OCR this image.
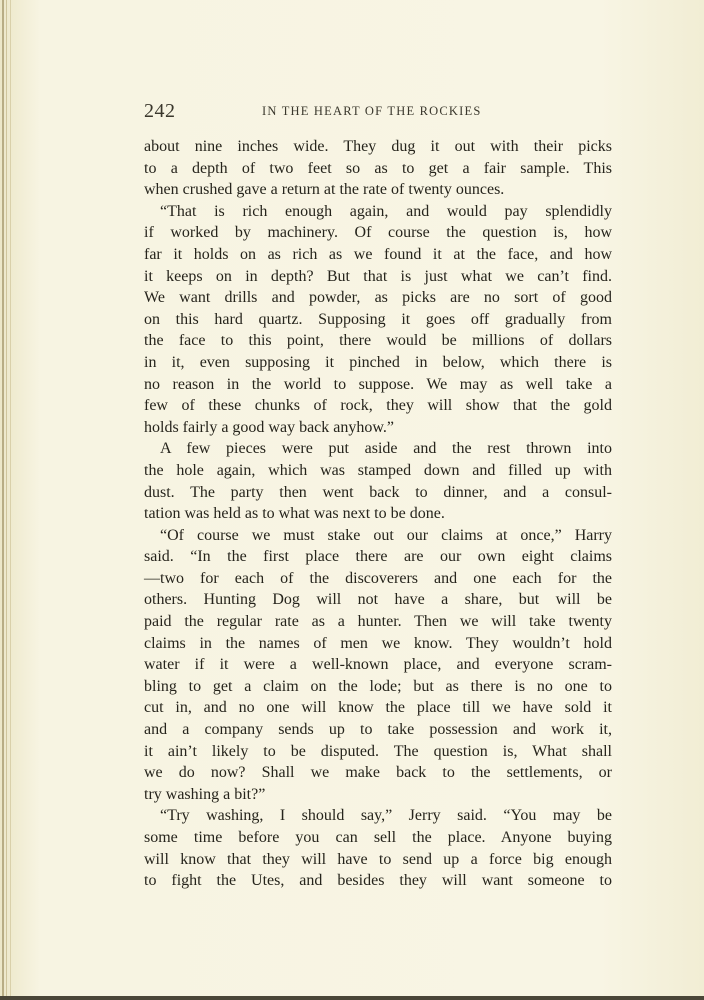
242	IN THE HEART OF THE ROCKIES
about nine inches wide. They dug it out with their picks
to a depth of two feet so as to get a fair sample. This
when crushed gave a return at the rate of twenty ounces.
“That is rich enough again, and would pay splendidly
if worked by machinery. Of course the question is, how
far it holds on as rich as we found it at the face, and how
it keeps on in depth? But that is just what we can’t find.
We want drills and powder, as picks are no sort of good
on this hard quartz. Supposing it goes off gradually from
the face to this point, there would be millions of dollars
in it, even supposing it pinched in below, which there is
no reason in the world to suppose. We may as well take a
few of these chunks of rock, they will show that the gold
holds fairly a good way back anyhow.”
A few pieces were put aside and the rest thrown into
the hole again, which was stamped down and filled up with
dust. The party then went back to dinner, and a consul-
tation was held as to what was next to be done.
“Of course we must stake out our claims at once,” Harry
said. “In the first place there are our own eight claims
—two for each of the discoverers and one each for the
others. Hunting Dog will not have a share, but will be
paid the regular rate as a hunter. Then we will take twenty
claims in the names of men we know. They wouldn’t hold
water if it were a well-known place, and everyone scram-
bling to get a claim on the lode; but as there is no one to
cut in, and no one will know the place till we have sold it
and a company sends up to take possession and work it,
it ain’t likely to be disputed. The question is, What shall
we do now? Shall we make back to the settlements, or
try washing a bit?”
“Try washing, I should say,” Jerry said. “You may be
some time before you can sell the place. Anyone buying
will know that they will have to send up a force big enough
to fight the Utes, and besides they will want someone to
